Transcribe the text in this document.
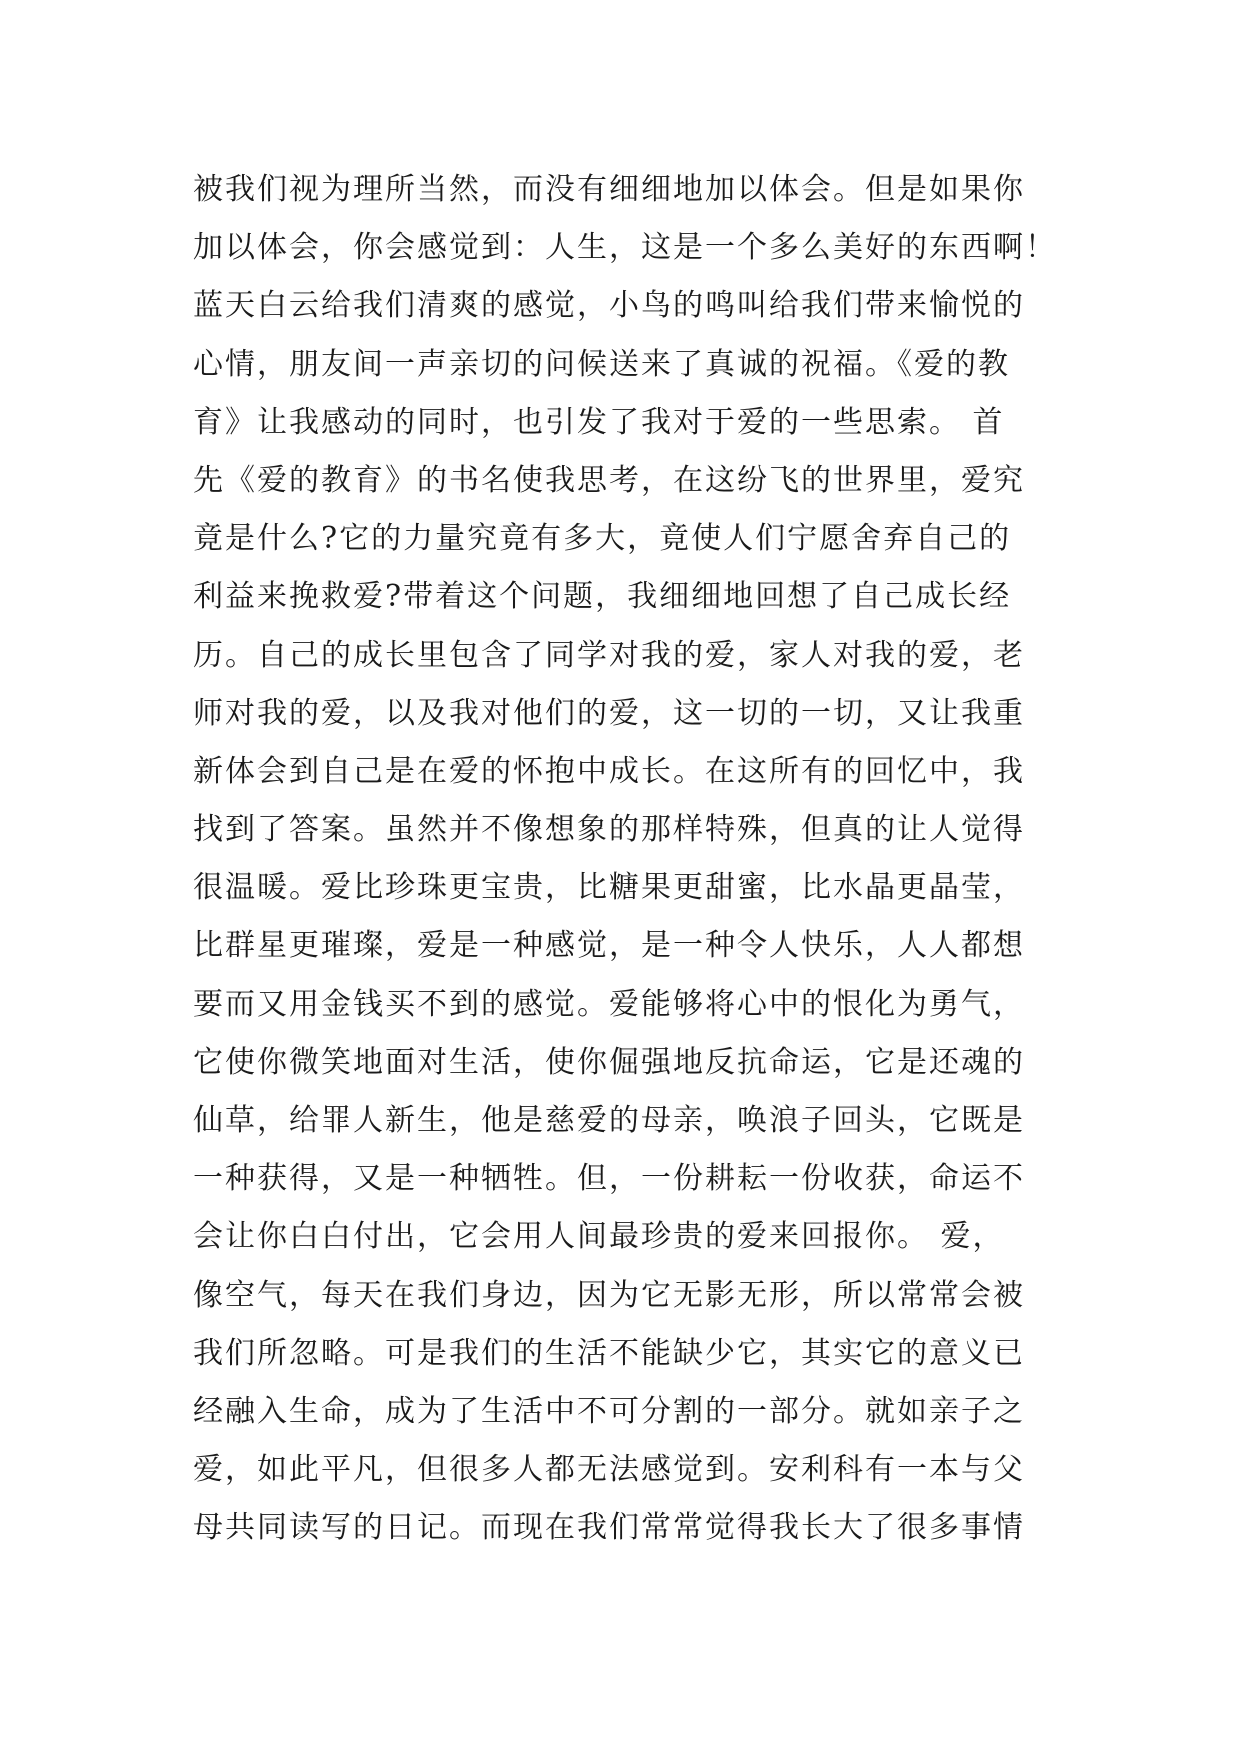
被我们视为理所当然，而没有细细地加以体会。但是如果你
加以体会，你会感觉到：人生，这是一个多么美好的东西啊！
蓝天白云给我们清爽的感觉，小鸟的鸣叫给我们带来愉悦的
心情，朋友间一声亲切的问候送来了真诚的祝福。《爱的教
育》让我感动的同时，也引发了我对于爱的一些思索。 首
先《爱的教育》的书名使我思考，在这纷飞的世界里，爱究
竟是什么?它的力量究竟有多大，竟使人们宁愿舍弃自己的
利益来挽救爱?带着这个问题，我细细地回想了自己成长经
历。自己的成长里包含了同学对我的爱，家人对我的爱，老
师对我的爱，以及我对他们的爱，这一切的一切，又让我重
新体会到自己是在爱的怀抱中成长。在这所有的回忆中，我
找到了答案。虽然并不像想象的那样特殊，但真的让人觉得
很温暖。爱比珍珠更宝贵，比糖果更甜蜜，比水晶更晶莹，
比群星更璀璨，爱是一种感觉，是一种令人快乐，人人都想
要而又用金钱买不到的感觉。爱能够将心中的恨化为勇气，
它使你微笑地面对生活，使你倔强地反抗命运，它是还魂的
仙草，给罪人新生，他是慈爱的母亲，唤浪子回头，它既是
一种获得，又是一种牺牲。但，一份耕耘一份收获，命运不
会让你白白付出，它会用人间最珍贵的爱来回报你。 爱，
像空气，每天在我们身边，因为它无影无形，所以常常会被
我们所忽略。可是我们的生活不能缺少它，其实它的意义已
经融入生命，成为了生活中不可分割的一部分。就如亲子之
爱，如此平凡，但很多人都无法感觉到。安利科有一本与父
母共同读写的日记。而现在我们常常觉得我长大了很多事情
